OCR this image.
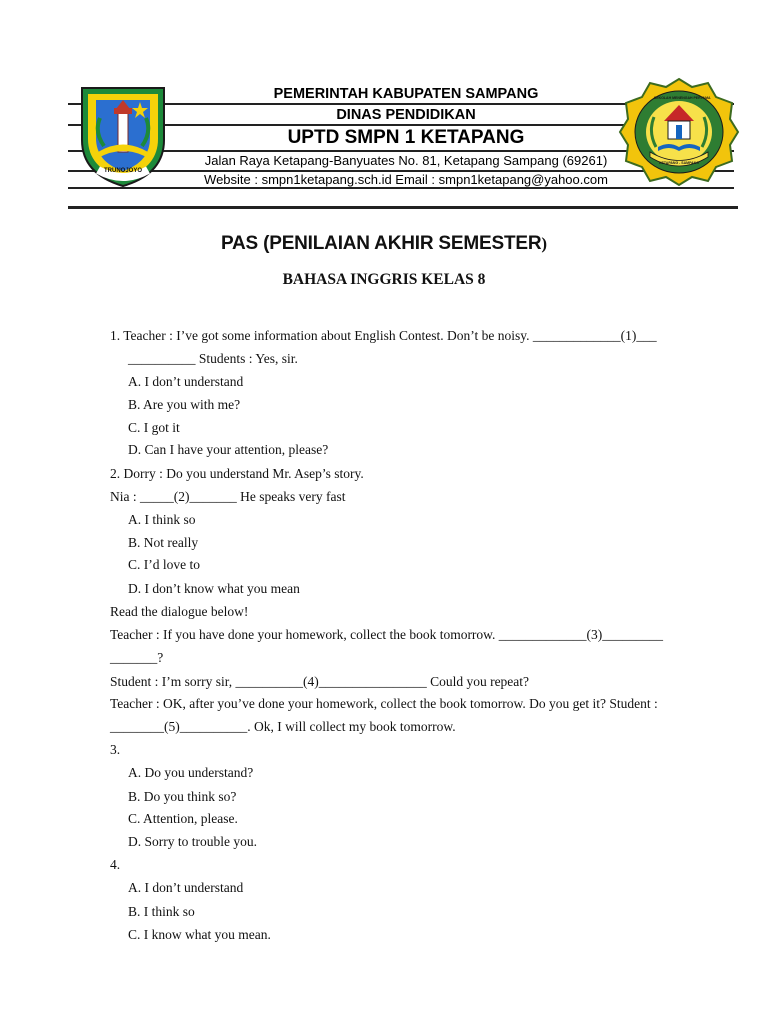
PEMERINTAH KABUPATEN SAMPANG
DINAS PENDIDIKAN
UPTD SMPN 1 KETAPANG
Jalan Raya Ketapang-Banyuates No. 81, Ketapang Sampang (69261)
Website : smpn1ketapang.sch.id Email : smpn1ketapang@yahoo.com
TRUNOJOYO
SEKOLAH MENENGAH PERTAMA
KETAPANG - SAMPANG
PAS (PENILAIAN AKHIR SEMESTER)
BAHASA INGGRIS KELAS 8
1. Teacher : I’ve got some information about English Contest. Don’t be noisy. _____________(1)___
__________ Students : Yes, sir.
A. I don’t understand
B. Are you with me?
C. I got it
D. Can I have your attention, please?
2. Dorry : Do you understand Mr. Asep’s story.
Nia : _____(2)_______ He speaks very fast
A. I think so
B. Not really
C. I’d love to
D. I don’t know what you mean
Read the dialogue below!
Teacher : If you have done your homework, collect the book tomorrow. _____________(3)_________
_______?
Student : I’m sorry sir, __________(4)________________ Could you repeat?
Teacher : OK, after you’ve done your homework, collect the book tomorrow. Do you get it? Student :
________(5)__________. Ok, I will collect my book tomorrow.
3.
A. Do you understand?
B. Do you think so?
C. Attention, please.
D. Sorry to trouble you.
4.
A. I don’t understand
B. I think so
C. I know what you mean.
